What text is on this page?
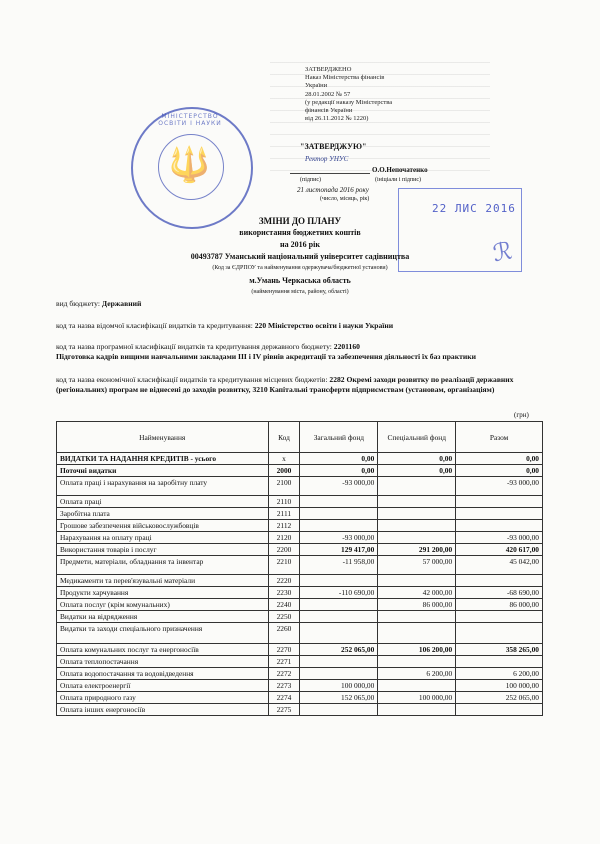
ЗАТВЕРДЖЕНО
Наказ Міністерства фінансів
України
28.01.2002 № 57
(у редакції наказу Міністерства
фінансів України
від 26.11.2012 № 1220)
МІНІСТЕРСТВО ОСВІТИ І НАУКИ
🔱	"ЗАТВЕРДЖУЮ"
Ректор УНУС
О.О.Непочатенко
(підпис)	(ініціали і підпис)
21 листопада 2016 року
(число, місяць, рік)
22 ЛИС 2016
ℛ
ЗМІНИ ДО ПЛАНУ
використання бюджетних коштів
на 2016 рік
00493787 Уманський національний університет садівництва
(Код за ЄДРПОУ та найменування одержувача/бюджетної установи)
м.Умань Черкаська область
(найменування міста, району, області)
вид бюджету: Державний
код та назва відомчої класифікації видатків та кредитування: 220 Міністерство освіти і науки України
код та назва програмної класифікації видатків та кредитування державного бюджету: 2201160
Підготовка кадрів вищими навчальними закладами III і IV рівнів акредитації та забезпечення діяльності їх баз практики
код та назва економічної класифікації видатків та кредитування місцевих бюджетів: 2282 Окремі заходи розвитку по реалізації державних (регіональних) програм не віднесені до заходів розвитку, 3210 Капітальні трансферти підприємствам (установам, організаціям)
(грн)
Найменування	Код	Загальний фонд	Спеціальний фонд	Разом
ВИДАТКИ ТА НАДАННЯ КРЕДИТІВ - усього	х	0,00	0,00	0,00
Поточні видатки	2000	0,00	0,00	0,00
Оплата праці і нарахування на заробітну плату	2100	-93 000,00		-93 000,00
Оплата праці	2110			
Заробітна плата	2111			
Грошове забезпечення військовослужбовців	2112			
Нарахування на оплату праці	2120	-93 000,00		-93 000,00
Використання товарів і послуг	2200	129 417,00	291 200,00	420 617,00
Предмети, матеріали, обладнання та інвентар	2210	-11 958,00	57 000,00	45 042,00
Медикаменти та перев'язувальні матеріали	2220			
Продукти харчування	2230	-110 690,00	42 000,00	-68 690,00
Оплата послуг (крім комунальних)	2240		86 000,00	86 000,00
Видатки на відрядження	2250			
Видатки та заходи спеціального призначення	2260			
Оплата комунальних послуг та енергоносіїв	2270	252 065,00	106 200,00	358 265,00
Оплата теплопостачання	2271			
Оплата водопостачання та водовідведення	2272		6 200,00	6 200,00
Оплата електроенергії	2273	100 000,00		100 000,00
Оплата природного газу	2274	152 065,00	100 000,00	252 065,00
Оплата інших енергоносіїв	2275			
